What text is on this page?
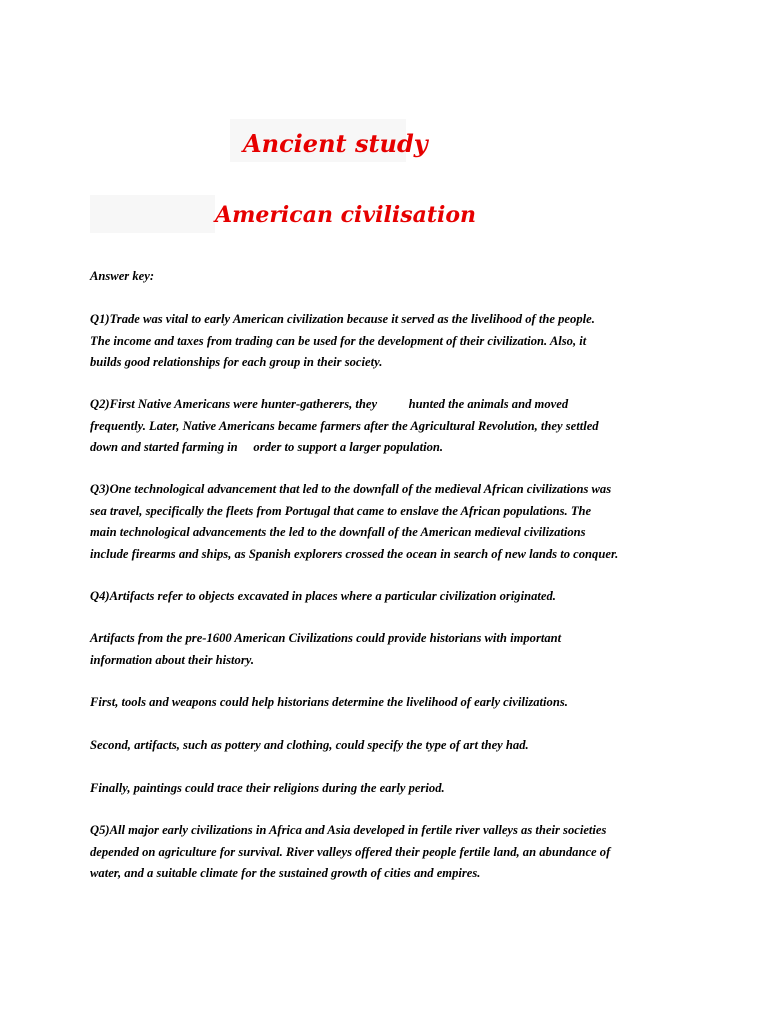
Ancient study
American civilisation

Answer key:

Q1)Trade was vital to early American civilization because it served as the livelihood of the people.
The income and taxes from trading can be used for the development of their civilization. Also, it
builds good relationships for each group in their society.

Q2)First Native Americans were hunter-gatherers, they          hunted the animals and moved
frequently. Later, Native Americans became farmers after the Agricultural Revolution, they settled
down and started farming in     order to support a larger population.

Q3)One technological advancement that led to the downfall of the medieval African civilizations was
sea travel, specifically the fleets from Portugal that came to enslave the African populations. The
main technological advancements the led to the downfall of the American medieval civilizations
include firearms and ships, as Spanish explorers crossed the ocean in search of new lands to conquer.

Q4)Artifacts refer to objects excavated in places where a particular civilization originated.

Artifacts from the pre-1600 American Civilizations could provide historians with important
information about their history.

First, tools and weapons could help historians determine the livelihood of early civilizations.

Second, artifacts, such as pottery and clothing, could specify the type of art they had.

Finally, paintings could trace their religions during the early period.

Q5)All major early civilizations in Africa and Asia developed in fertile river valleys as their societies
depended on agriculture for survival. River valleys offered their people fertile land, an abundance of
water, and a suitable climate for the sustained growth of cities and empires.
